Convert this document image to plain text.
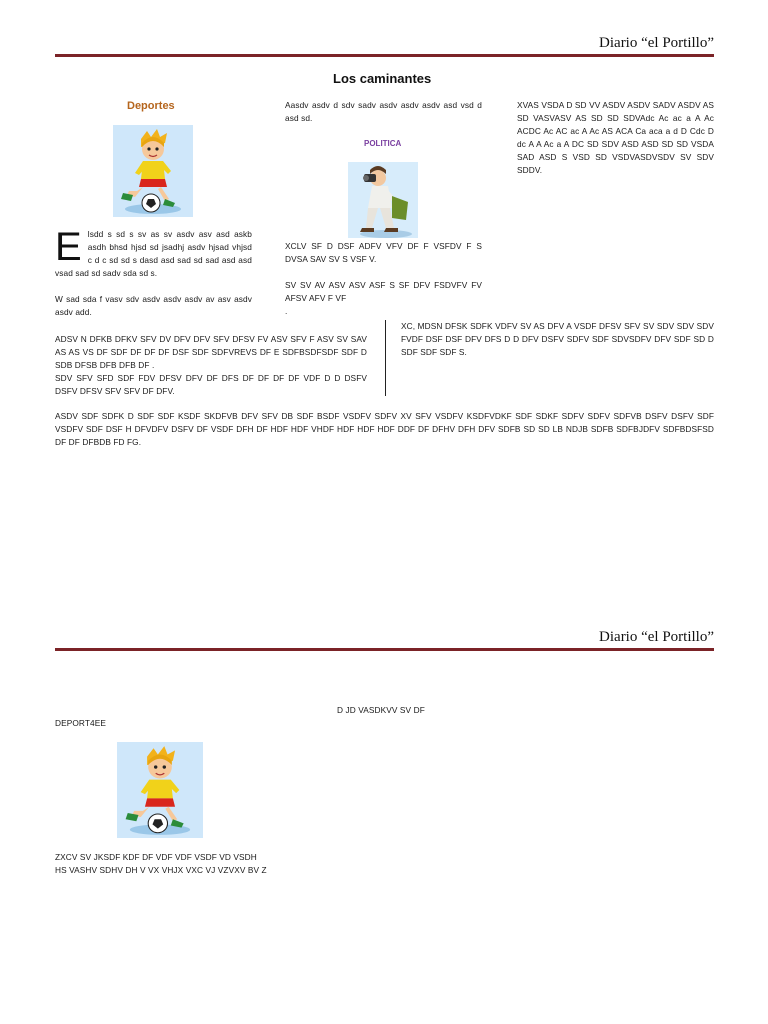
Diario “el Portillo”
Los caminantes
Deportes
E lsdd s sd s sv as sv asdv asv asd askb asdh bhsd hjsd sd jsadhj asdv hjsad vhjsd c d c sd sd s dasd asd sad sd sad asd asd vsad sad sd sadv sda sd s.
W sad sda f vasv sdv asdv asdv asdv av asv asdv asdv add.
Aasdv asdv d sdv sadv asdv asdv asdv asd vsd d asd sd.
POLITICA
XCLV SF D DSF ADFV VFV DF F VSFDV F S DVSA SAV SV S VSF V.
SV SV AV ASV ASV ASF S SF DFV FSDVFV FV AFSV AFV F VF
.
XVAS VSDA D SD VV ASDV ASDV SADV ASDV AS SD VASVASV AS SD SD SDVAdc Ac ac a A Ac ACDC Ac AC ac A Ac AS ACA Ca aca a d D Cdc D dc A A Ac a A DC SD SDV ASD ASD SD SD VSDA SAD ASD S VSD SD VSDVASDVSDV SV SDV SDDV.
ADSV N DFKB DFKV SFV DV DFV DFV SFV DFSV FV ASV SFV F ASV SV SAV AS AS VS DF SDF DF DF DF DSF SDF SDFVREVS DF E SDFBSDFSDF SDF D SDB DFSB DFB DFB DF .
SDV SFV SFD SDF FDV DFSV DFV DF DFS DF DF DF DF VDF D D DSFV DSFV DFSV SFV SFV DF DFV.
XC, MDSN DFSK SDFK VDFV SV AS DFV A VSDF DFSV SFV SV SDV SDV SDV FVDF DSF DSF DFV DFS D D DFV DSFV SDFV SDF SDVSDFV DFV SDF SD D SDF SDF SDF S.
ASDV SDF SDFK D SDF SDF KSDF SKDFVB DFV SFV DB SDF BSDF VSDFV SDFV XV SFV VSDFV KSDFVDKF SDF SDKF SDFV SDFV SDFVB DSFV DSFV SDF VSDFV SDF DSF H DFVDFV DSFV DF VSDF DFH DF HDF HDF VHDF HDF HDF HDF DDF DF DFHV DFH DFV SDFB SD SD LB NDJB SDFB SDFBJDFV SDFBDSFSD DF DF DFBDB FD FG.
Diario “el Portillo”
D JD VASDKVV SV DF
DEPORT4EE
ZXCV SV JKSDF KDF DF VDF VDF VSDF VD VSDH HS VASHV SDHV DH V VX VHJX VXC VJ VZVXV BV Z
